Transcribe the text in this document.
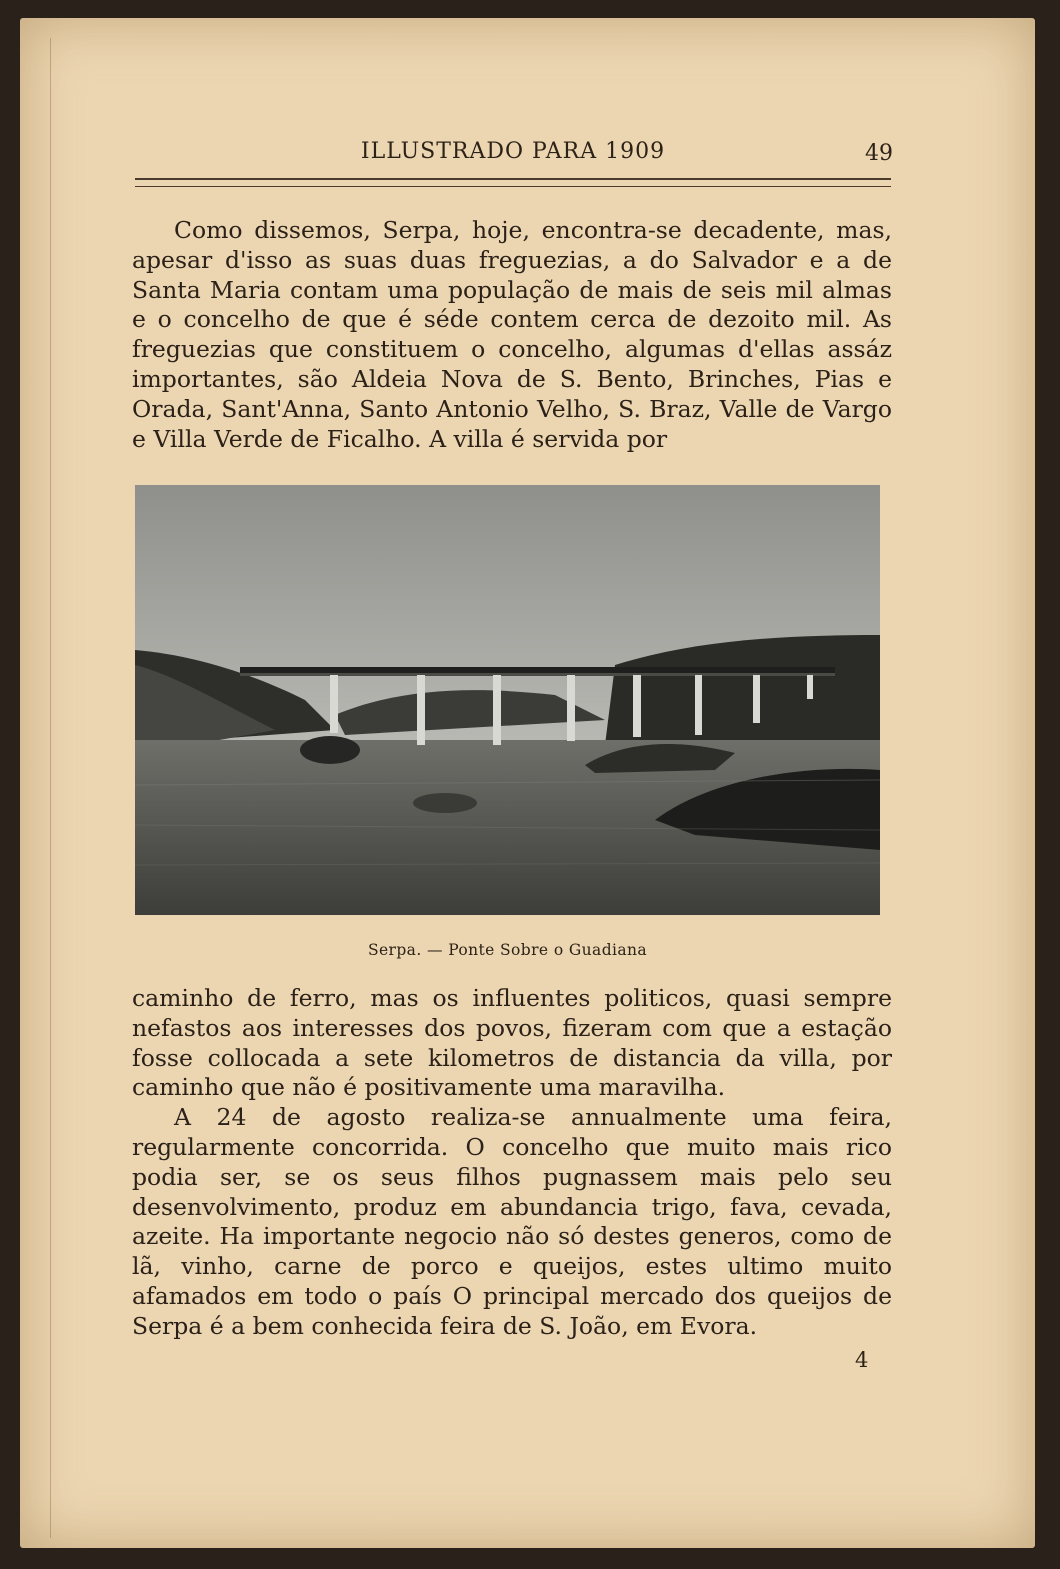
ILLUSTRADO PARA 1909	49

Como dissemos, Serpa, hoje, encontra-se decadente, mas, apesar d'isso as suas duas freguezias, a do Salvador e a de Santa Maria contam uma população de mais de seis mil almas e o concelho de que é séde contem cerca de dezoito mil. As freguezias que constituem o concelho, algumas d'ellas assáz importantes, são Aldeia Nova de S. Bento, Brinches, Pias e Orada, Sant'Anna, Santo Antonio Velho, S. Braz, Valle de Vargo e Villa Verde de Ficalho. A villa é servida por

Serpa. — Ponte Sobre o Guadiana

caminho de ferro, mas os influentes politicos, quasi sempre nefastos aos interesses dos povos, fizeram com que a estação fosse collocada a sete kilometros de distancia da villa, por caminho que não é positivamente uma maravilha.

A 24 de agosto realiza-se annualmente uma feira, regularmente concorrida. O concelho que muito mais rico podia ser, se os seus filhos pugnassem mais pelo seu desenvolvimento, produz em abundancia trigo, fava, cevada, azeite. Ha importante negocio não só destes generos, como de lã, vinho, carne de porco e queijos, estes ultimo muito afamados em todo o país O principal mercado dos queijos de Serpa é a bem conhecida feira de S. João, em Evora.

4
